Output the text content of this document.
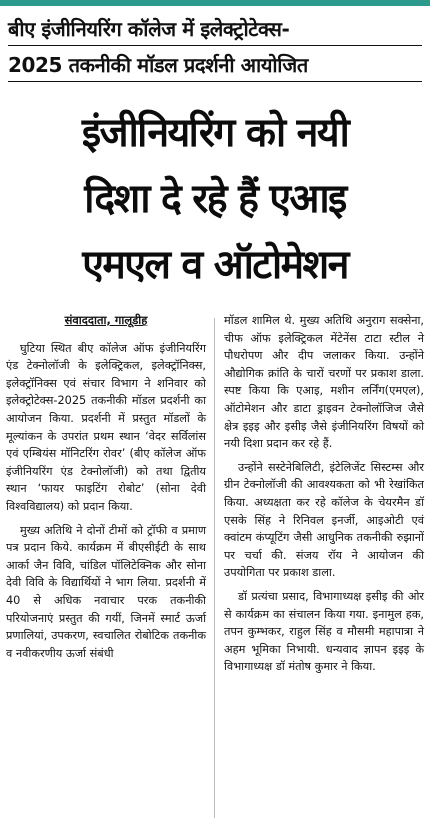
बीए इंजीनियरिंग कॉलेज में इलेक्ट्रोटेक्स-
2025 तकनीकी मॉडल प्रदर्शनी आयोजित
इंजीनियरिंग को नयी
दिशा दे रहे हैं एआइ
एमएल व ऑटोमेशन

संवाददाता, गालूडीह

घुटिया स्थित बीए कॉलेज ऑफ इंजीनियरिंग एंड टेक्नोलॉजी के इलेक्ट्रिकल, इलेक्ट्रॉनिक्स, इलेक्ट्रॉनिक्स एवं संचार विभाग ने शनिवार को इलेक्ट्रोटेक्स-2025 तकनीकी मॉडल प्रदर्शनी का आयोजन किया. प्रदर्शनी में प्रस्तुत मॉडलों के मूल्यांकन के उपरांत प्रथम स्थान ‘वेदर सर्विलांस एवं एम्बियंस मॉनिटरिंग रोवर’ (बीए कॉलेज ऑफ इंजीनियरिंग एंड टेक्नोलॉजी) को तथा द्वितीय स्थान ‘फायर फाइटिंग रोबोट’ (सोना देवी विश्वविद्यालय) को प्रदान किया.

मुख्य अतिथि ने दोनों टीमों को ट्रॉफी व प्रमाण पत्र प्रदान किये. कार्यक्रम में बीएसीईटी के साथ आर्का जैन विवि, चांडिल पॉलिटेक्निक और सोना देवी विवि के विद्यार्थियों ने भाग लिया. प्रदर्शनी में 40 से अधिक नवाचार परक तकनीकी परियोजनाएं प्रस्तुत की गयीं, जिनमें स्मार्ट ऊर्जा प्रणालियां, उपकरण, स्वचालित रोबोटिक तकनीक व नवीकरणीय ऊर्जा संबंधी

मॉडल शामिल थे. मुख्य अतिथि अनुराग सक्सेना, चीफ ऑफ इलेक्ट्रिकल मेंटेनेंस टाटा स्टील ने पौधरोपण और दीप जलाकर किया. उन्होंने औद्योगिक क्रांति के चारों चरणों पर प्रकाश डाला. स्पष्ट किया कि एआइ, मशीन लर्निंग(एमएल), ऑटोमेशन और डाटा ड्राइवन टेक्नोलॉजिज जैसे क्षेत्र इइइ और इसीइ जैसे इंजीनियरिंग विषयों को नयी दिशा प्रदान कर रहे हैं.

उन्होंने सस्टेनेबिलिटी, इंटेलिजेंट सिस्टम्स और ग्रीन टेक्नोलॉजी की आवश्यकता को भी रेखांकित किया. अध्यक्षता कर रहे कॉलेज के चेयरमैन डॉ एसके सिंह ने रिनिवल इनर्जी, आइओटी एवं क्वांटम कंप्यूटिंग जैसी आधुनिक तकनीकी रुझानों पर चर्चा की. संजय रॉय ने आयोजन की उपयोगिता पर प्रकाश डाला.

डॉ प्रत्यंचा प्रसाद, विभागाध्यक्ष इसीइ की ओर से कार्यक्रम का संचालन किया गया. इनामुल हक, तपन कुम्भकर, राहुल सिंह व मौसमी महापात्रा ने अहम भूमिका निभायी. धन्यवाद ज्ञापन इइइ के विभागाध्यक्ष डॉ मंतोष कुमार ने किया.
